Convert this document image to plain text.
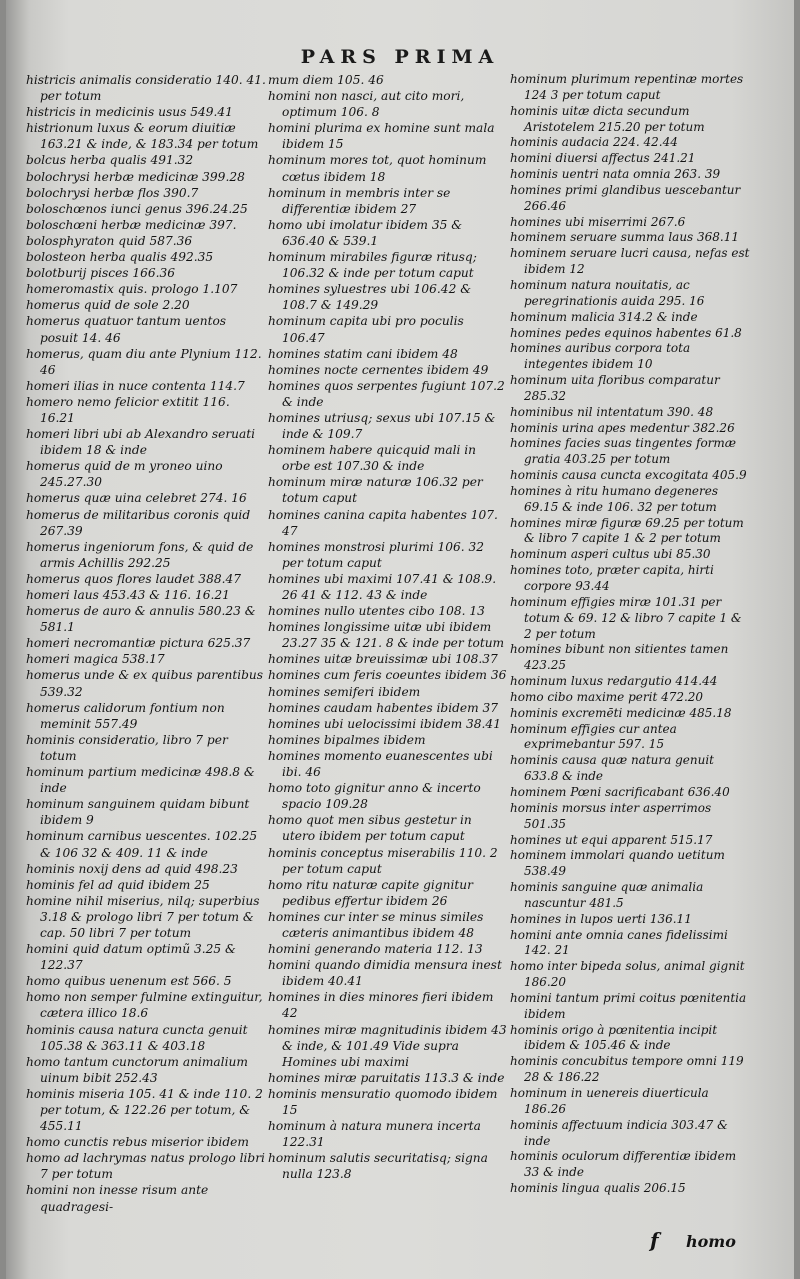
PARS PRIMA
histricis animalis consideratio 140. 41. per totum
histricis in medicinis usus 549.41
histrionum luxus & eorum diuitiæ 163.21 & inde, & 183.34 per totum
bolcus herba qualis 491.32
bolochrysi herbæ medicinæ 399.28
bolochrysi herbæ flos 390.7
boloschœnos iunci genus 396.24.25
boloschœni herbæ medicinæ 397.
bolosphyraton quid 587.36
bolosteon herba qualis 492.35
bolotburij pisces 166.36
homeromastix quis. prologo 1.107
homerus quid de sole 2.20
homerus quatuor tantum uentos posuit 14. 46
homerus, quam diu ante Plynium 112. 46
homeri ilias in nuce contenta 114.7
homero nemo felicior extitit 116. 16.21
homeri libri ubi ab Alexandro seruati ibidem 18 & inde
homerus quid de m yroneo uino 245.27.30
homerus quæ uina celebret 274. 16
homerus de militaribus coronis quid 267.39
homerus ingeniorum fons, & quid de armis Achillis 292.25
homerus quos flores laudet 388.47
homeri laus 453.43 & 116. 16.21
homerus de auro & annulis 580.23 & 581.1
homeri necromantiæ pictura 625.37
homeri magica 538.17
homerus unde & ex quibus parentibus 539.32
homerus calidorum fontium non meminit 557.49
hominis consideratio, libro 7 per totum
hominum partium medicinæ 498.8 & inde
hominum sanguinem quidam bibunt ibidem 9
hominum carnibus uescentes. 102.25 & 106 32 & 409. 11 & inde
hominis noxij dens ad quid 498.23
hominis fel ad quid ibidem 25
homine nihil miserius, nilq; superbius 3.18 & prologo libri 7 per totum & cap. 50 libri 7 per totum
homini quid datum optimũ 3.25 & 122.37
homo quibus uenenum est 566. 5
homo non semper fulmine extinguitur, cæterа illico 18.6
hominis causa natura cuncta genuit 105.38 & 363.11 & 403.18
homo tantum cunctorum animalium uinum bibit 252.43
hominis miseria 105. 41 & inde 110. 2 per totum, & 122.26 per totum, & 455.11
homo cunctis rebus miserior ibidem
homo ad lachrymas natus prologo libri 7 per totum
homini non inesse risum ante quadragesi-
mum diem 105. 46
homini non nasci, aut cito mori, optimum 106. 8
homini plurima ex homine sunt mala ibidem 15
hominum mores tot, quot hominum cœtus ibidem 18
hominum in membris inter se differentiæ ibidem 27
homo ubi imolatur ibidem 35 & 636.40 & 539.1
hominum mirabiles figuræ ritusq; 106.32 & inde per totum caput
homines syluestres ubi 106.42 & 108.7 & 149.29
hominum capita ubi pro poculis 106.47
homines statim cani ibidem 48
homines nocte cernentes ibidem 49
homines quos serpentes fugiunt 107.2 & inde
homines utriusq; sexus ubi 107.15 & inde & 109.7
hominem habere quicquid mali in orbe est 107.30 & inde
hominum miræ naturæ 106.32 per totum caput
homines canina capita habentes 107. 47
homines monstrosi plurimi 106. 32 per totum caput
homines ubi maximi 107.41 & 108.9. 26 41 & 112. 43 & inde
homines nullo utentes cibo 108. 13
homines longissime uitæ ubi ibidem 23.27 35 & 121. 8 & inde per totum
homines uitæ breuissimæ ubi 108.37
homines cum feris coeuntes ibidem 36
homines semiferi ibidem
homines caudam habentes ibidem 37
homines ubi uelocissimi ibidem 38.41
homines bipalmes ibidem
homines momento euanescentes ubi ibi. 46
homo toto gignitur anno & incerto spacio 109.28
homo quot men sibus gestetur in utero ibidem per totum caput
hominis conceptus miserabilis 110. 2 per totum caput
homo ritu naturæ capite gignitur pedibus effertur ibidem 26
homines cur inter se minus similes cæteris animantibus ibidem 48
homini generando materia 112. 13
homini quando dimidia mensura inest ibidem 40.41
homines in dies minores fieri ibidem 42
homines miræ magnitudinis ibidem 43 & inde, & 101.49 Vide supra Homines ubi maximi
homines miræ paruitatis 113.3 & inde
hominis mensuratio quomodo ibidem 15
hominum à natura munera incerta 122.31
hominum salutis securitatisq; signa nulla 123.8
hominum plurimum repentinæ mortes 124 3 per totum caput
hominis uitæ dicta secundum Aristotelem 215.20 per totum
hominis audacia 224. 42.44
homini diuersi affectus 241.21
hominis uentri nata omnia 263. 39
homines primi glandibus uescebantur 266.46
homines ubi miserrimi 267.6
hominem seruare summa laus 368.11
hominem seruare lucri causa, nefas est ibidem 12
hominum natura nouitatis, ac peregrinationis auida 295. 16
hominum malicia 314.2 & inde
homines pedes equinos habentes 61.8
homines auribus corpora tota integentes ibidem 10
hominum uita floribus comparatur 285.32
hominibus nil intentatum 390. 48
hominis urina apes medentur 382.26
homines facies suas tingentes formæ gratia 403.25 per totum
hominis causa cuncta excogitata 405.9
homines à ritu humano degeneres 69.15 & inde 106. 32 per totum
homines miræ figuræ 69.25 per totum & libro 7 capite 1 & 2 per totum
hominum asperi cultus ubi 85.30
homines toto, præter capita, hirti corpore 93.44
hominum effigies miræ 101.31 per totum & 69. 12 & libro 7 capite 1 & 2 per totum
homines bibunt non sitientes tamen 423.25
hominum luxus redargutio 414.44
homo cibo maxime perit 472.20
hominis excremēti medicinæ 485.18
hominum effigies cur antea exprimebantur 597. 15
hominis causa quæ natura genuit 633.8 & inde
hominem Pœni sacrificabant 636.40
hominis morsus inter asperrimos 501.35
homines ut equi apparent 515.17
hominem immolari quando uetitum 538.49
hominis sanguine quæ animalia nascuntur 481.5
homines in lupos uerti 136.11
homini ante omnia canes fidelissimi 142. 21
homo inter bipeda solus, animal gignit 186.20
homini tantum primi coitus pœnitentia ibidem
hominis origo à pœnitentia incipit ibidem & 105.46 & inde
hominis concubitus tempore omni 119 28 & 186.22
hominum in uenereis diuerticula 186.26
hominis affectuum indicia 303.47 & inde
hominis oculorum differentiæ ibidem 33 & inde
hominis lingua qualis 206.15
f homo
